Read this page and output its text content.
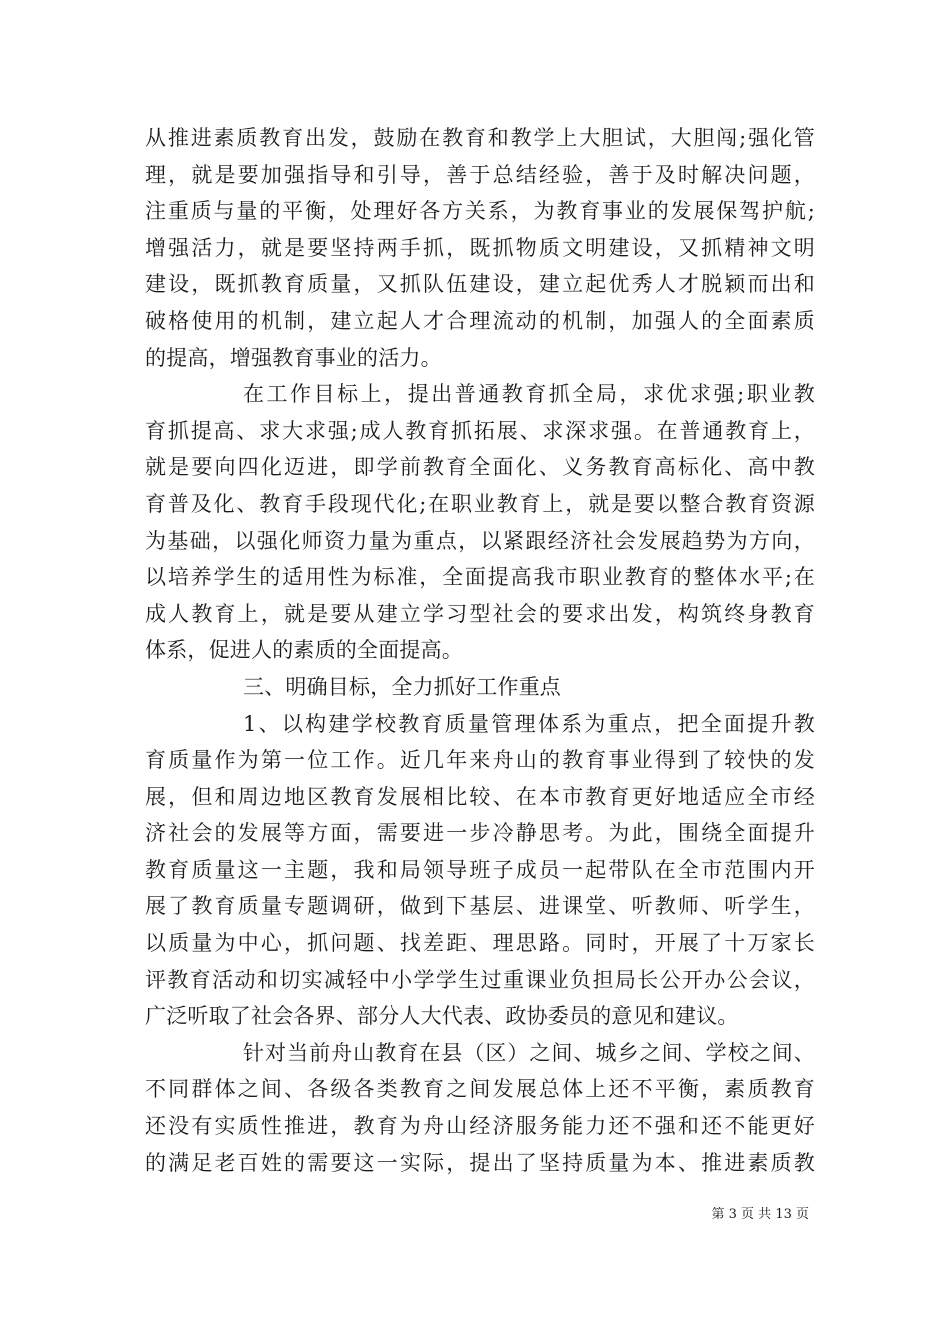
从推进素质教育出发，鼓励在教育和教学上大胆试，大胆闯;强化管
理，就是要加强指导和引导，善于总结经验，善于及时解决问题，
注重质与量的平衡，处理好各方关系，为教育事业的发展保驾护航;
增强活力，就是要坚持两手抓，既抓物质文明建设，又抓精神文明
建设，既抓教育质量，又抓队伍建设，建立起优秀人才脱颖而出和
破格使用的机制，建立起人才合理流动的机制，加强人的全面素质
的提高，增强教育事业的活力。
在工作目标上，提出普通教育抓全局，求优求强;职业教
育抓提高、求大求强;成人教育抓拓展、求深求强。在普通教育上，
就是要向四化迈进，即学前教育全面化、义务教育高标化、高中教
育普及化、教育手段现代化;在职业教育上，就是要以整合教育资源
为基础，以强化师资力量为重点，以紧跟经济社会发展趋势为方向，
以培养学生的适用性为标准，全面提高我市职业教育的整体水平;在
成人教育上，就是要从建立学习型社会的要求出发，构筑终身教育
体系，促进人的素质的全面提高。
三、明确目标，全力抓好工作重点
1、以构建学校教育质量管理体系为重点，把全面提升教
育质量作为第一位工作。近几年来舟山的教育事业得到了较快的发
展，但和周边地区教育发展相比较、在本市教育更好地适应全市经
济社会的发展等方面，需要进一步冷静思考。为此，围绕全面提升
教育质量这一主题，我和局领导班子成员一起带队在全市范围内开
展了教育质量专题调研，做到下基层、进课堂、听教师、听学生，
以质量为中心，抓问题、找差距、理思路。同时，开展了十万家长
评教育活动和切实减轻中小学学生过重课业负担局长公开办公会议，
广泛听取了社会各界、部分人大代表、政协委员的意见和建议。
针对当前舟山教育在县（区）之间、城乡之间、学校之间、
不同群体之间、各级各类教育之间发展总体上还不平衡，素质教育
还没有实质性推进，教育为舟山经济服务能力还不强和还不能更好
的满足老百姓的需要这一实际，提出了坚持质量为本、推进素质教
第 3 页 共 13 页
